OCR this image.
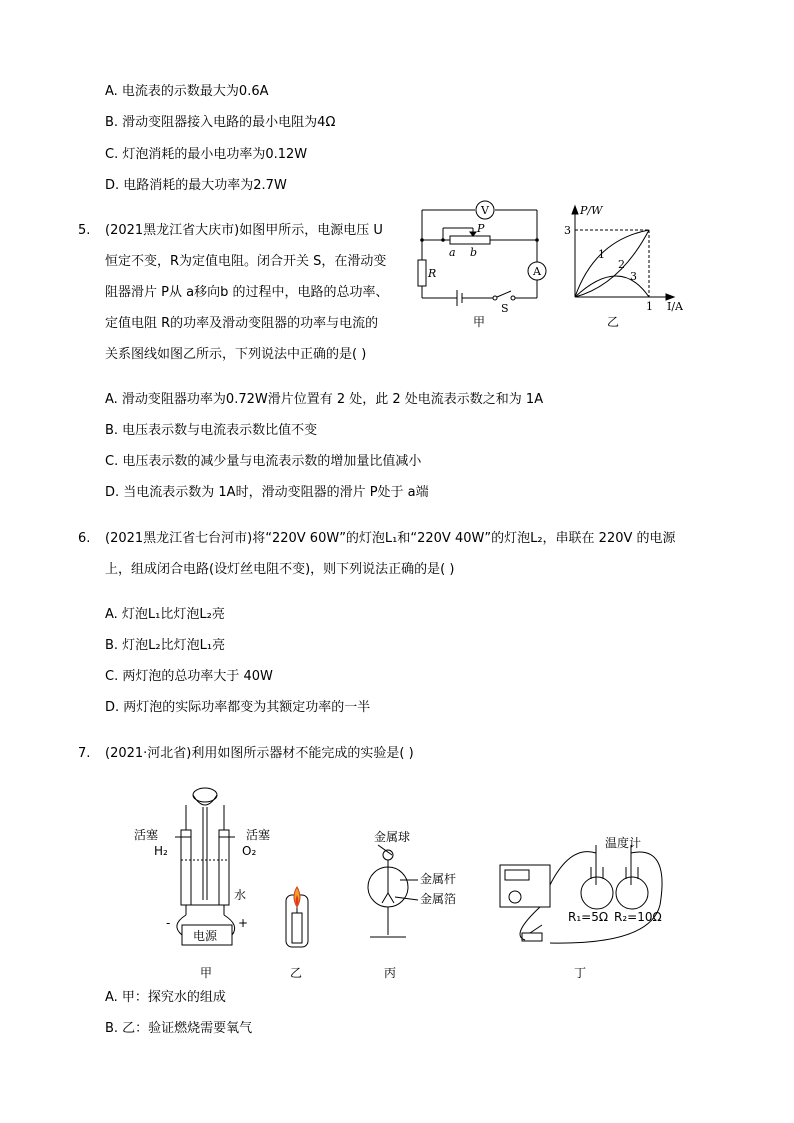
A. 电流表的示数最大为0.6A
B. 滑动变阻器接入电路的最小电阻为4Ω
C. 灯泡消耗的最小电功率为0.12W
D. 电路消耗的最大功率为2.7W
5. (2021黑龙江省大庆市)如图甲所示，电源电压 U
恒定不变，R为定值电阻。闭合开关 S，在滑动变
阻器滑片 P从 a移向b 的过程中，电路的总功率、
定值电阻 R的功率及滑动变阻器的功率与电流的
关系图线如图乙所示，下列说法中正确的是( )
V
A
R
P
a b
S
甲
P/W
3
1 I/A
1
2
3
乙
A. 滑动变阻器功率为0.72W滑片位置有 2 处，此 2 处电流表示数之和为 1A
B. 电压表示数与电流表示数比值不变
C. 电压表示数的减少量与电流表示数的增加量比值减小
D. 当电流表示数为 1A时，滑动变阻器的滑片 P处于 a端
6. (2021黑龙江省七台河市)将“220V 60W”的灯泡L₁和“220V 40W”的灯泡L₂，串联在 220V 的电源
上，组成闭合电路(设灯丝电阻不变)，则下列说法正确的是( )
A. 灯泡L₁比灯泡L₂亮
B. 灯泡L₂比灯泡L₁亮
C. 两灯泡的总功率大于 40W
D. 两灯泡的实际功率都变为其额定功率的一半
7. (2021·河北省)利用如图所示器材不能完成的实验是( )
活塞	活塞
H₂	O₂
水
-	+
电源
金属球
金属杆
金属箔
温度计
R₁=5Ω R₂=10Ω
甲	乙	丙	丁
A. 甲：探究水的组成
B. 乙：验证燃烧需要氧气
